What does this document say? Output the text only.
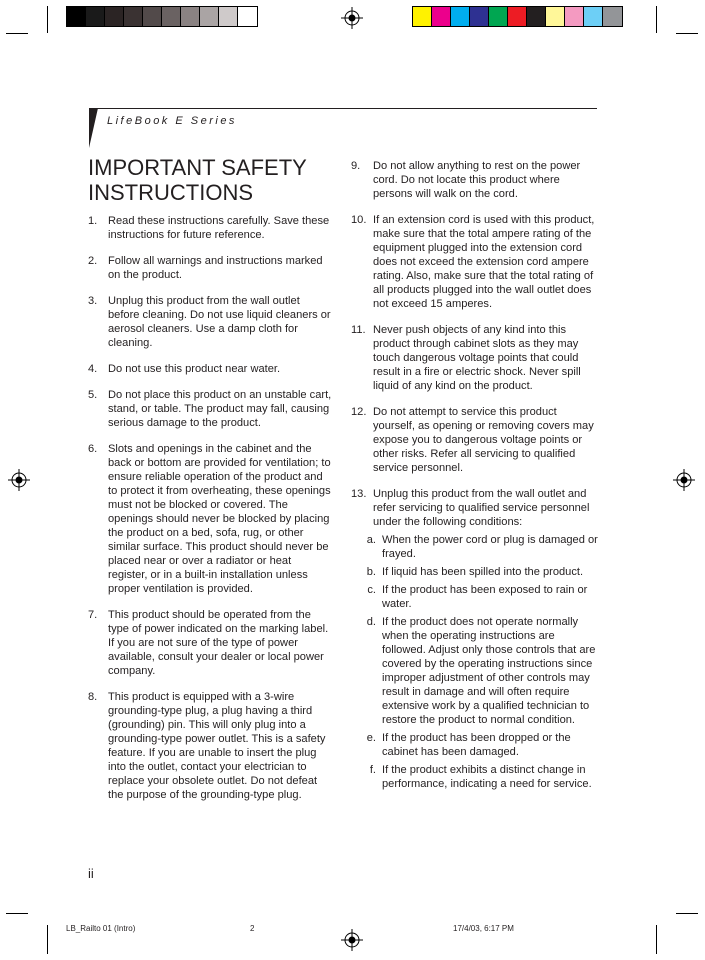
LifeBook E Series
IMPORTANT SAFETY INSTRUCTIONS
1. Read these instructions carefully. Save these instructions for future reference.
2. Follow all warnings and instructions marked on the product.
3. Unplug this product from the wall outlet before cleaning. Do not use liquid cleaners or aerosol cleaners. Use a damp cloth for cleaning.
4. Do not use this product near water.
5. Do not place this product on an unstable cart, stand, or table. The product may fall, causing serious damage to the product.
6. Slots and openings in the cabinet and the back or bottom are provided for ventilation; to ensure reliable operation of the product and to protect it from overheating, these openings must not be blocked or covered. The openings should never be blocked by placing the product on a bed, sofa, rug, or other similar surface. This product should never be placed near or over a radiator or heat register, or in a built-in installation unless proper ventilation is provided.
7. This product should be operated from the type of power indicated on the marking label. If you are not sure of the type of power available, consult your dealer or local power company.
8. This product is equipped with a 3-wire grounding-type plug, a plug having a third (grounding) pin. This will only plug into a grounding-type power outlet. This is a safety feature. If you are unable to insert the plug into the outlet, contact your electrician to replace your obsolete outlet. Do not defeat the purpose of the grounding-type plug.
9.	Do not allow anything to rest on the power cord. Do not locate this product where persons will walk on the cord.
10. If an extension cord is used with this product, make sure that the total ampere rating of the equipment plugged into the extension cord does not exceed the extension cord ampere rating. Also, make sure that the total rating of all products plugged into the wall outlet does not exceed 15 amperes.
11. Never push objects of any kind into this product through cabinet slots as they may touch dangerous voltage points that could result in a fire or electric shock. Never spill liquid of any kind on the product.
12. Do not attempt to service this product yourself, as opening or removing covers may expose you to dangerous voltage points or other risks. Refer all servicing to qualified service personnel.
13. Unplug this product from the wall outlet and refer servicing to qualified service personnel under the following conditions:
a. When the power cord or plug is damaged or frayed.
b. If liquid has been spilled into the product.
c. If the product has been exposed to rain or water.
d. If the product does not operate normally when the operating instructions are followed. Adjust only those controls that are covered by the operating instructions since improper adjustment of other controls may result in damage and will often require extensive work by a qualified technician to restore the product to normal condition.
e. If the product has been dropped or the cabinet has been damaged.
f. If the product exhibits a distinct change in performance, indicating a need for service.
ii
LB_Railto 01 (Intro)	2	17/4/03, 6:17 PM
